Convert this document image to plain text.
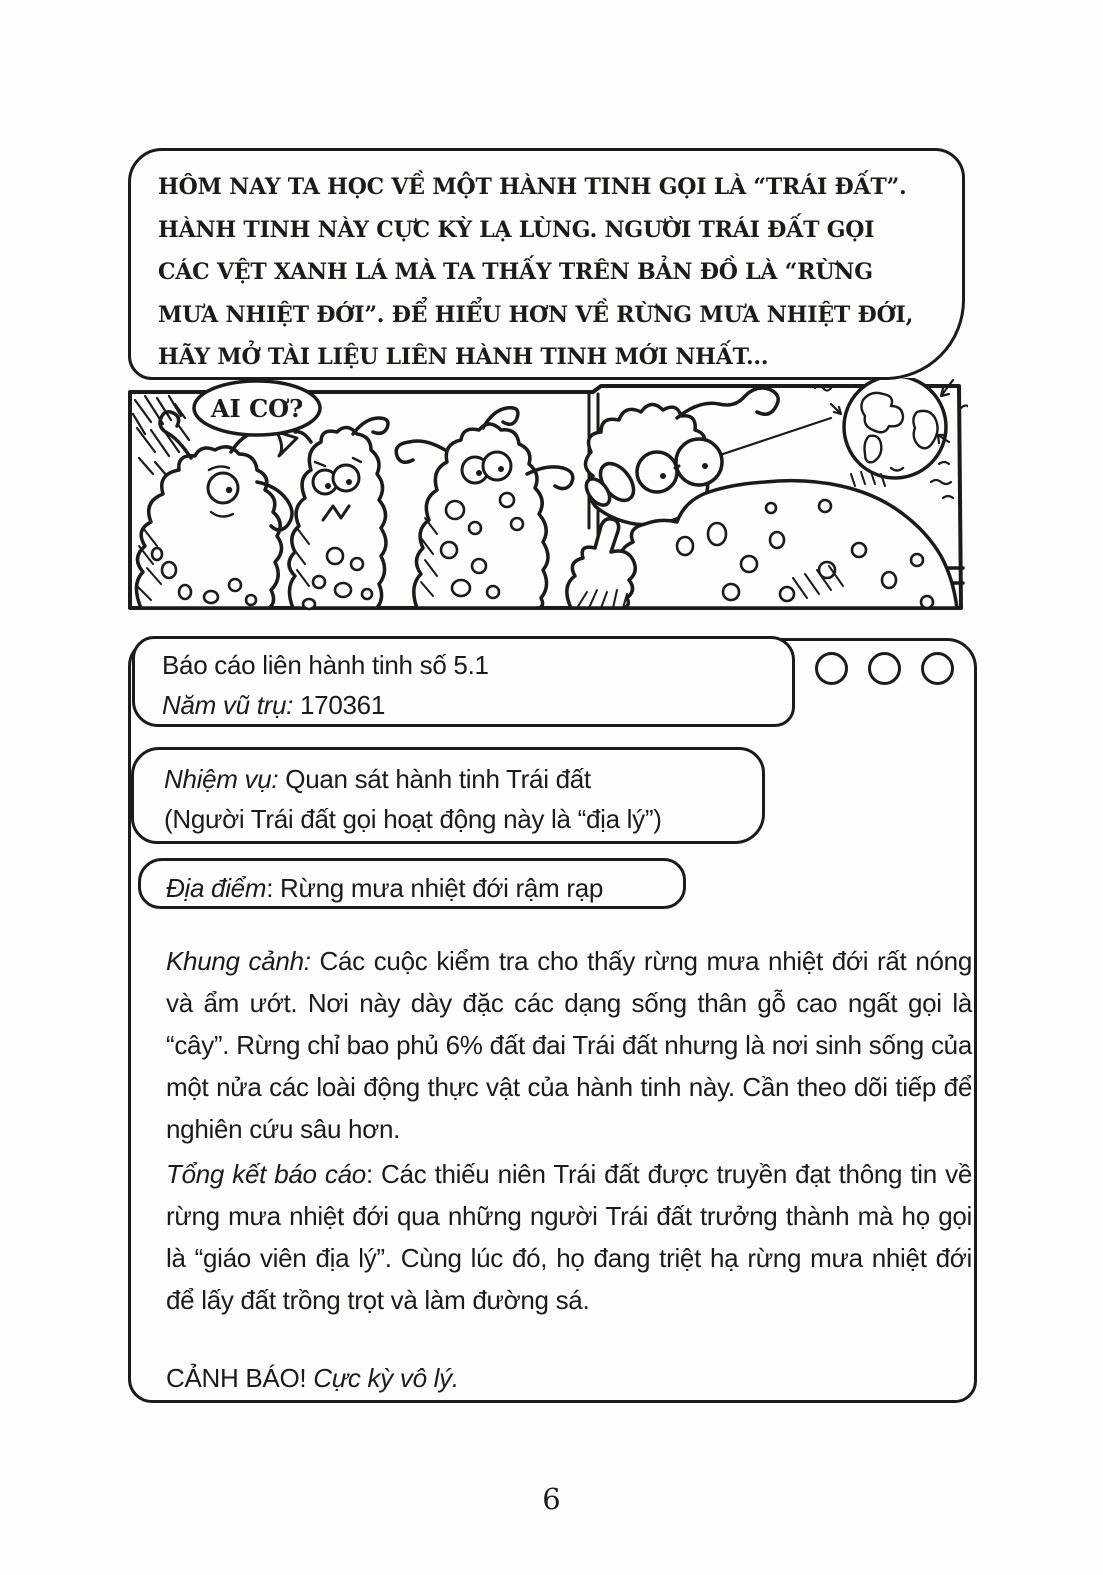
HÔM NAY TA HỌC VỀ MỘT HÀNH TINH GỌI LÀ “TRÁI ĐẤT”.
HÀNH TINH NÀY CỰC KỲ LẠ LÙNG. NGƯỜI TRÁI ĐẤT GỌI
CÁC VỆT XANH LÁ MÀ TA THẤY TRÊN BẢN ĐỒ LÀ “RỪNG
MƯA NHIỆT ĐỚI”. ĐỂ HIỂU HƠN VỀ RỪNG MƯA NHIỆT ĐỚI,
HÃY MỞ TÀI LIỆU LIÊN HÀNH TINH MỚI NHẤT...
AI CƠ?
Báo cáo liên hành tinh số 5.1
Năm vũ trụ: 170361
Nhiệm vụ: Quan sát hành tinh Trái đất
(Người Trái đất gọi hoạt động này là “địa lý”)
Địa điểm: Rừng mưa nhiệt đới rậm rạp
Khung cảnh: Các cuộc kiểm tra cho thấy rừng mưa nhiệt đới rất nóng và ẩm ướt. Nơi này dày đặc các dạng sống thân gỗ cao ngất gọi là “cây”. Rừng chỉ bao phủ 6% đất đai Trái đất nhưng là nơi sinh sống của một nửa các loài động thực vật của hành tinh này. Cần theo dõi tiếp để nghiên cứu sâu hơn.
Tổng kết báo cáo: Các thiếu niên Trái đất được truyền đạt thông tin về rừng mưa nhiệt đới qua những người Trái đất trưởng thành mà họ gọi là “giáo viên địa lý”. Cùng lúc đó, họ đang triệt hạ rừng mưa nhiệt đới để lấy đất trồng trọt và làm đường sá.
CẢNH BÁO! Cực kỳ vô lý.
6
